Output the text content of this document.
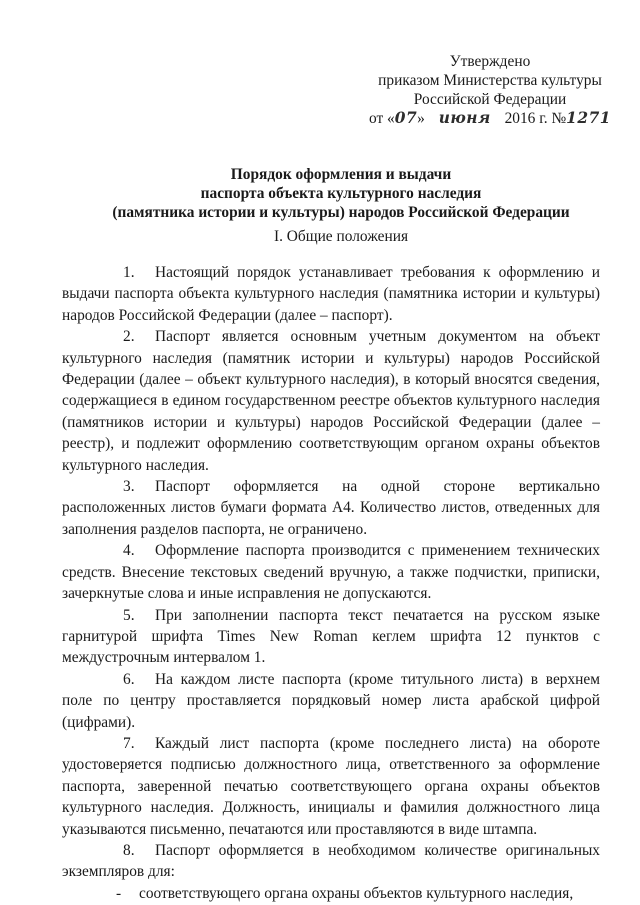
Утверждено
приказом Министерства культуры
Российской Федерации
от «07» июня 2016 г. №1271
Порядок оформления и выдачи
паспорта объекта культурного наследия
(памятника истории и культуры) народов Российской Федерации
I. Общие положения

1. Настоящий порядок устанавливает требования к оформлению и выдачи паспорта объекта культурного наследия (памятника истории и культуры) народов Российской Федерации (далее – паспорт).

2. Паспорт является основным учетным документом на объект культурного наследия (памятник истории и культуры) народов Российской Федерации (далее – объект культурного наследия), в который вносятся сведения, содержащиеся в едином государственном реестре объектов культурного наследия (памятников истории и культуры) народов Российской Федерации (далее – реестр), и подлежит оформлению соответствующим органом охраны объектов культурного наследия.

3. Паспорт оформляется на одной стороне вертикально расположенных листов бумаги формата А4. Количество листов, отведенных для заполнения разделов паспорта, не ограничено.

4. Оформление паспорта производится с применением технических средств. Внесение текстовых сведений вручную, а также подчистки, приписки, зачеркнутые слова и иные исправления не допускаются.

5. При заполнении паспорта текст печатается на русском языке гарнитурой шрифта Times New Roman кеглем шрифта 12 пунктов с междустрочным интервалом 1.

6. На каждом листе паспорта (кроме титульного листа) в верхнем поле по центру проставляется порядковый номер листа арабской цифрой (цифрами).

7. Каждый лист паспорта (кроме последнего листа) на обороте удостоверяется подписью должностного лица, ответственного за оформление паспорта, заверенной печатью соответствующего органа охраны объектов культурного наследия. Должность, инициалы и фамилия должностного лица указываются письменно, печатаются или проставляются в виде штампа.

8. Паспорт оформляется в необходимом количестве оригинальных экземпляров для:

- соответствующего органа охраны объектов культурного наследия,
